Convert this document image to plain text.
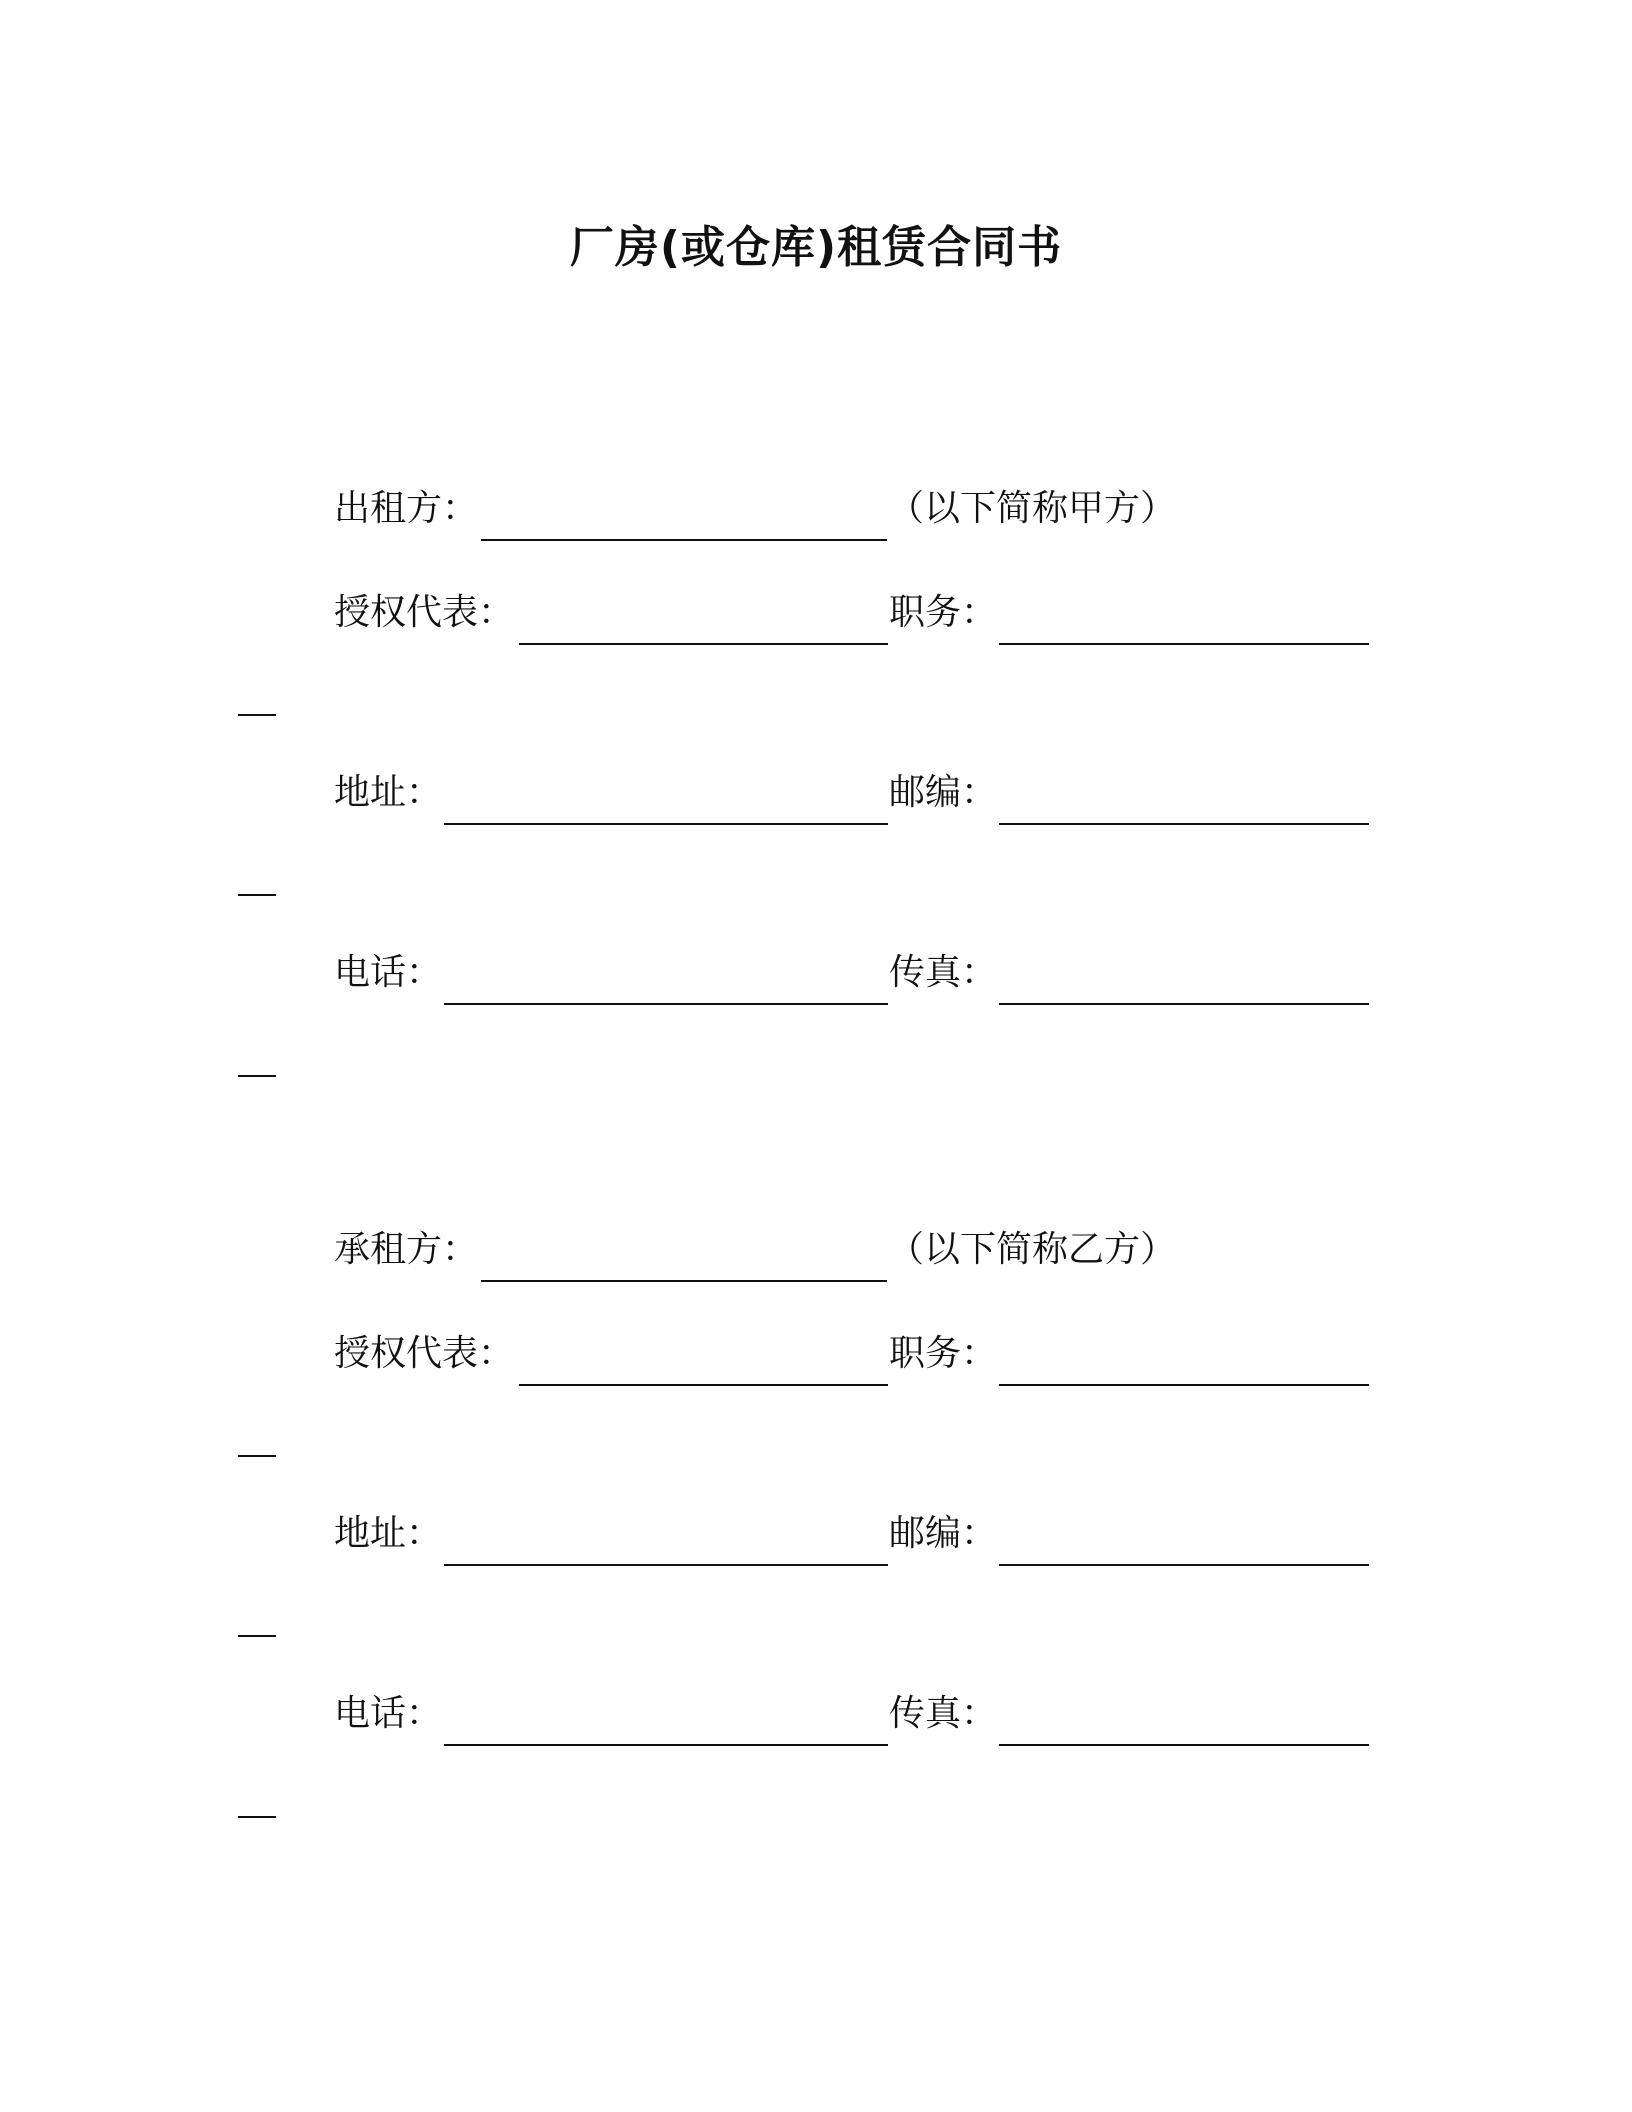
厂房(或仓库)租赁合同书
出租方：	（以下简称甲方）
授权代表：	职务：
地址：	邮编：
电话：	传真：
承租方：	（以下简称乙方）
授权代表：	职务：
地址：	邮编：
电话：	传真：
